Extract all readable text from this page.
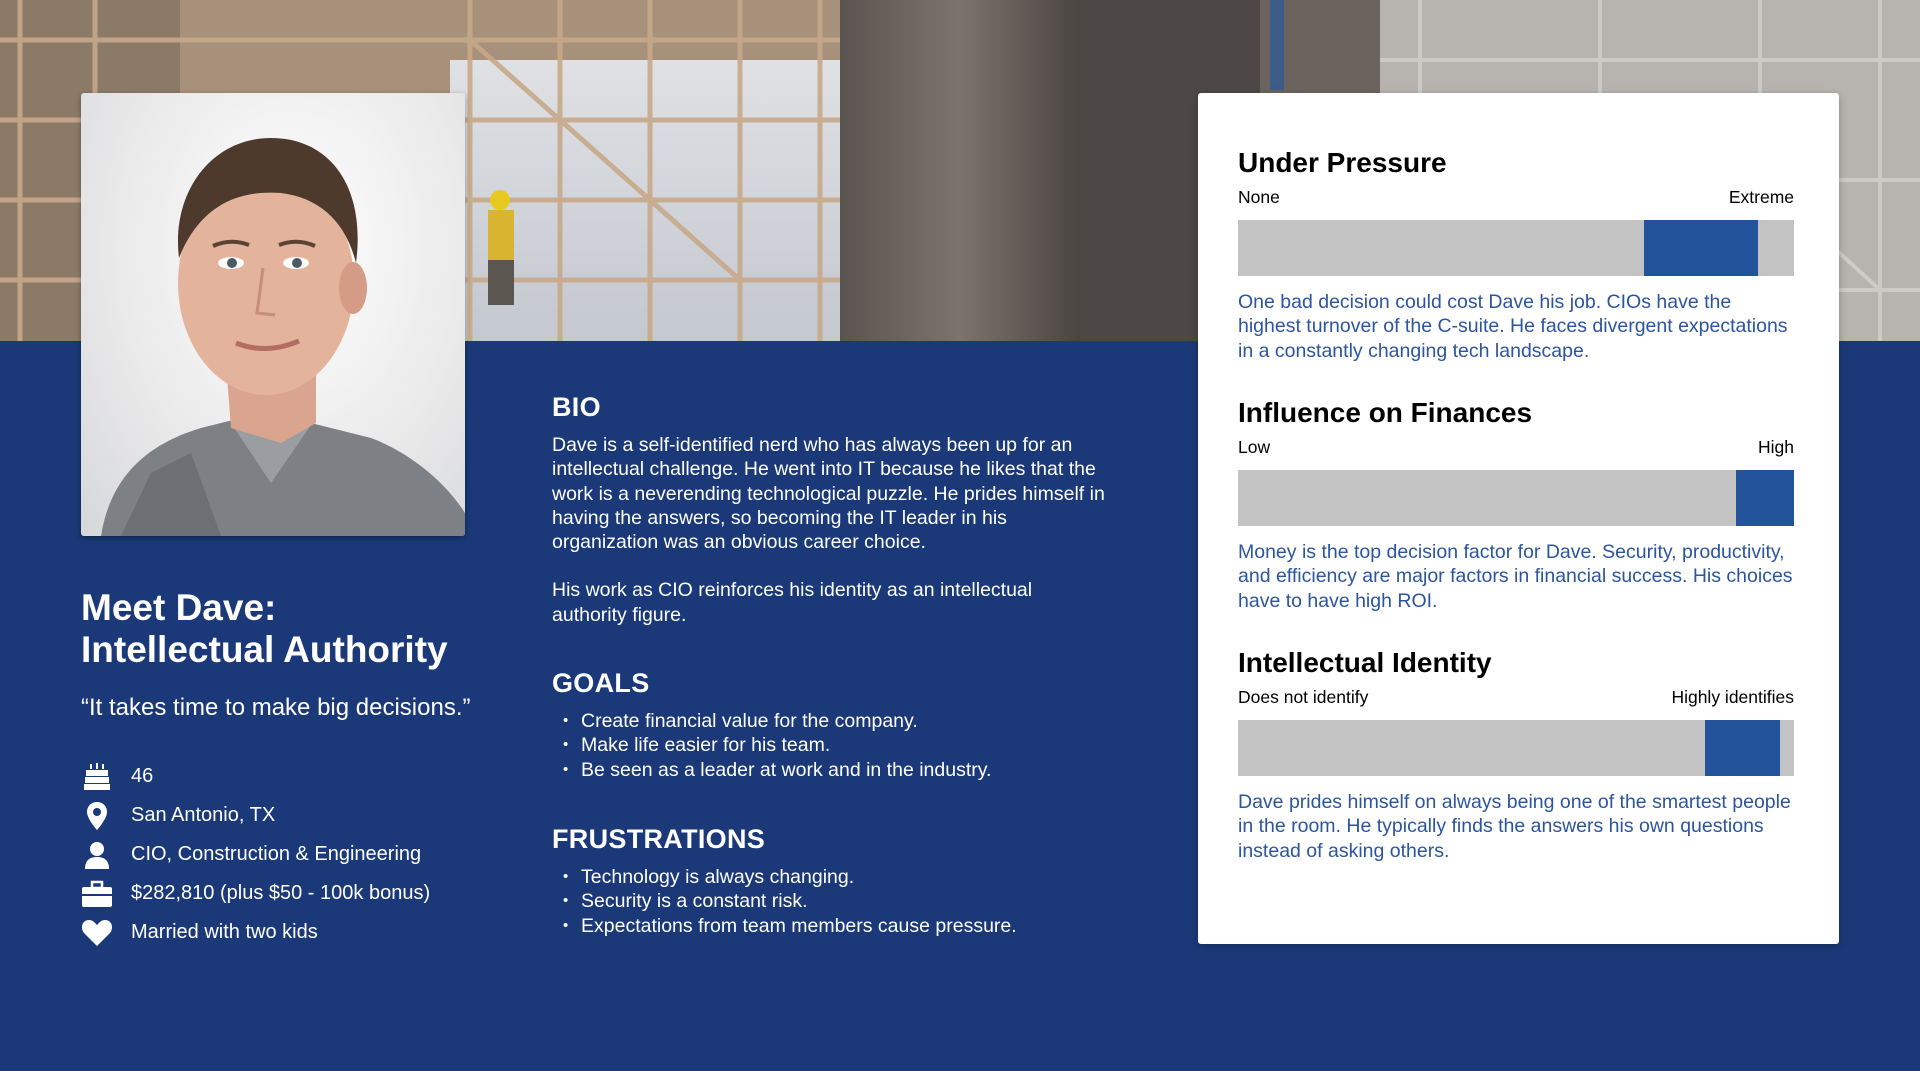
Meet Dave:
Intellectual Authority

“It takes time to make big decisions.”

46
San Antonio, TX
CIO, Construction & Engineering
$282,810 (plus $50 - 100k bonus)
Married with two kids
BIO

Dave is a self-identified nerd who has always been up for an intellectual challenge. He went into IT because he likes that the work is a neverending technological puzzle. He prides himself in having the answers, so becoming the IT leader in his organization was an obvious career choice.

His work as CIO reinforces his identity as an intellectual authority figure.

GOALS
• Create financial value for the company.
• Make life easier for his team.
• Be seen as a leader at work and in the industry.
FRUSTRATIONS
• Technology is always changing.
• Security is a constant risk.
• Expectations from team members cause pressure.
Under Pressure
None	Extreme

One bad decision could cost Dave his job. CIOs have the highest turnover of the C-suite. He faces divergent expectations in a constantly changing tech landscape.

Influence on Finances
Low	High

Money is the top decision factor for Dave. Security, productivity, and efficiency are major factors in financial success. His choices have to have high ROI.

Intellectual Identity
Does not identify	Highly identifies

Dave prides himself on always being one of the smartest people in the room. He typically finds the answers his own questions instead of asking others.
